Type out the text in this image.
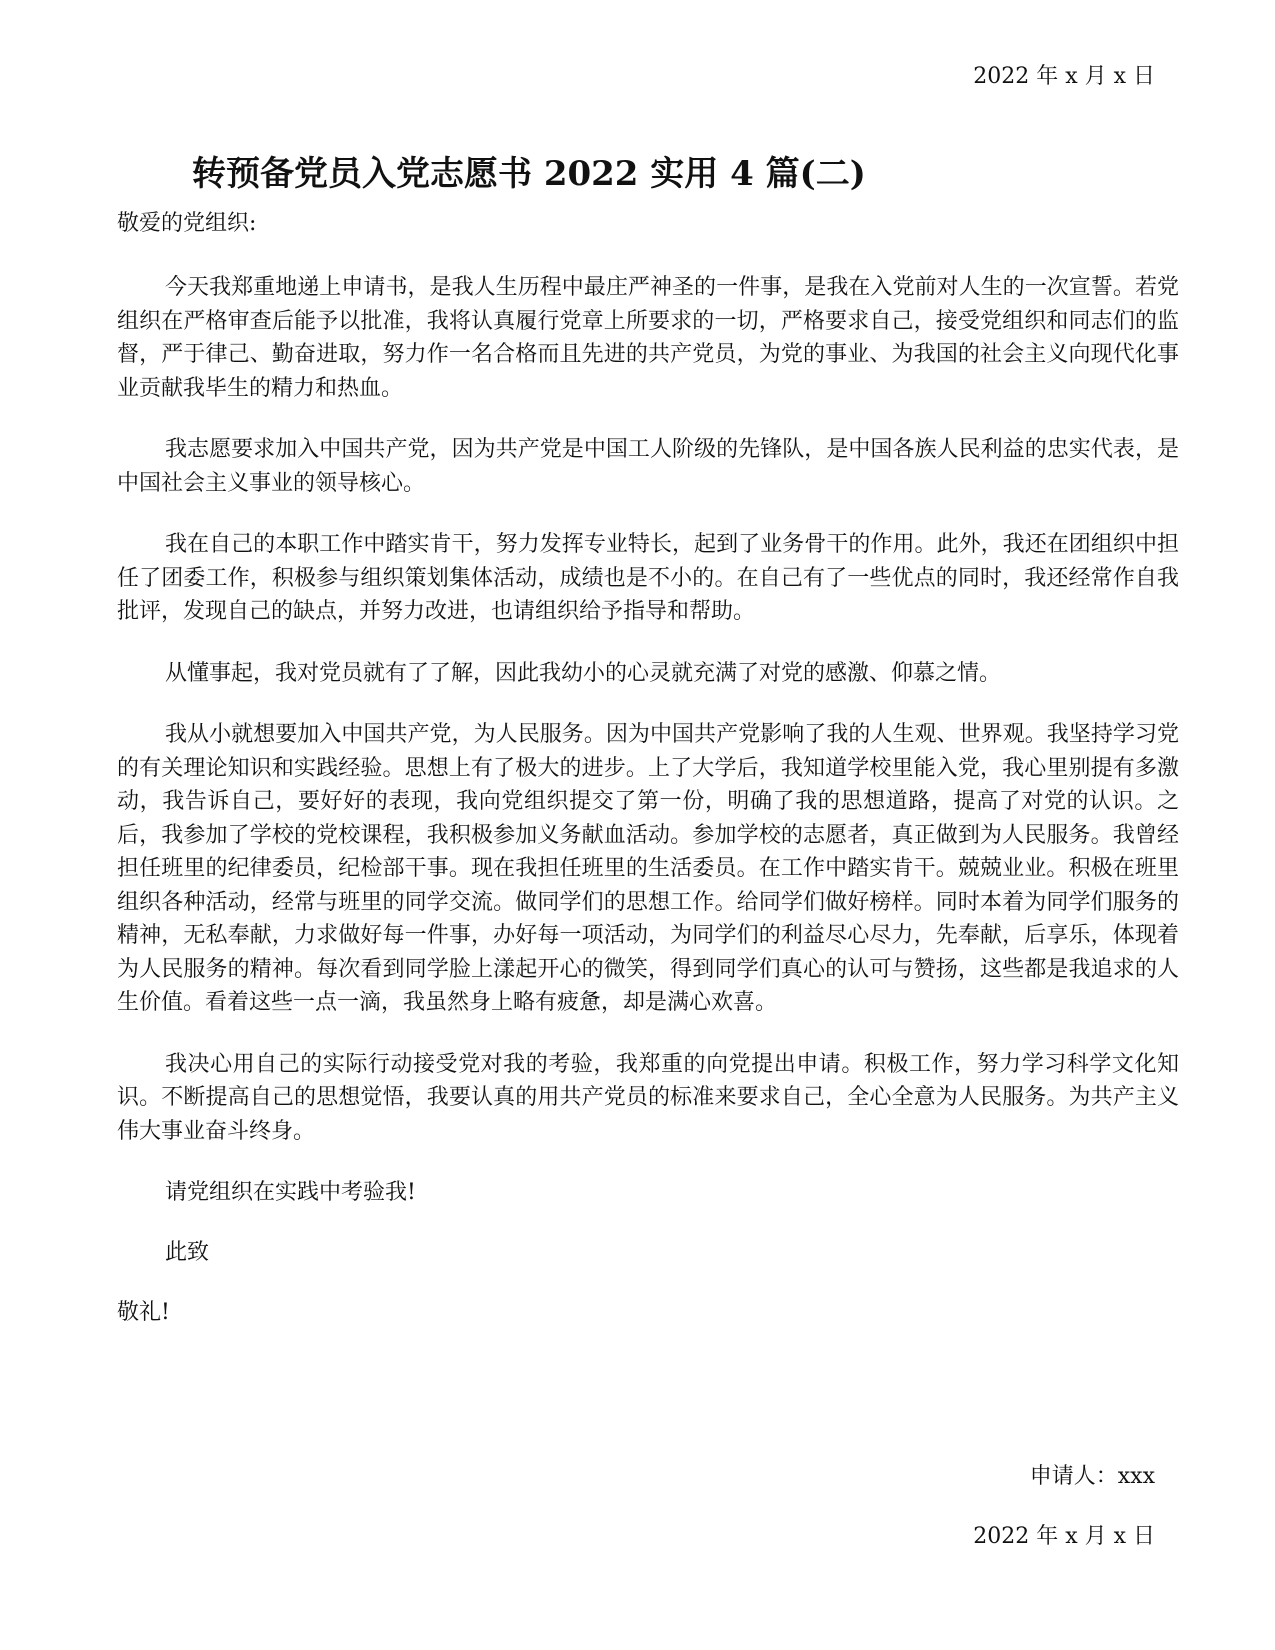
2022 年 x 月 x 日
转预备党员入党志愿书 2022 实用 4 篇(二)
敬爱的党组织:

今天我郑重地递上申请书，是我人生历程中最庄严神圣的一件事，是我在入党前对人生的一次宣誓。若党组织在严格审查后能予以批准，我将认真履行党章上所要求的一切，严格要求自己，接受党组织和同志们的监督，严于律己、勤奋进取，努力作一名合格而且先进的共产党员，为党的事业、为我国的社会主义向现代化事业贡献我毕生的精力和热血。

我志愿要求加入中国共产党，因为共产党是中国工人阶级的先锋队，是中国各族人民利益的忠实代表，是中国社会主义事业的领导核心。

我在自己的本职工作中踏实肯干，努力发挥专业特长，起到了业务骨干的作用。此外，我还在团组织中担任了团委工作，积极参与组织策划集体活动，成绩也是不小的。在自己有了一些优点的同时，我还经常作自我批评，发现自己的缺点，并努力改进，也请组织给予指导和帮助。

从懂事起，我对党员就有了了解，因此我幼小的心灵就充满了对党的感激、仰慕之情。

我从小就想要加入中国共产党，为人民服务。因为中国共产党影响了我的人生观、世界观。我坚持学习党的有关理论知识和实践经验。思想上有了极大的进步。上了大学后，我知道学校里能入党，我心里别提有多激动，我告诉自己，要好好的表现，我向党组织提交了第一份，明确了我的思想道路，提高了对党的认识。之后，我参加了学校的党校课程，我积极参加义务献血活动。参加学校的志愿者，真正做到为人民服务。我曾经担任班里的纪律委员，纪检部干事。现在我担任班里的生活委员。在工作中踏实肯干。兢兢业业。积极在班里组织各种活动，经常与班里的同学交流。做同学们的思想工作。给同学们做好榜样。同时本着为同学们服务的精神，无私奉献，力求做好每一件事，办好每一项活动，为同学们的利益尽心尽力，先奉献，后享乐，体现着为人民服务的精神。每次看到同学脸上漾起开心的微笑，得到同学们真心的认可与赞扬，这些都是我追求的人生价值。看着这些一点一滴，我虽然身上略有疲惫，却是满心欢喜。

我决心用自己的实际行动接受党对我的考验，我郑重的向党提出申请。积极工作，努力学习科学文化知识。不断提高自己的思想觉悟，我要认真的用共产党员的标准来要求自己，全心全意为人民服务。为共产主义伟大事业奋斗终身。

请党组织在实践中考验我!
此致
敬礼!
申请人：xxx
2022 年 x 月 x 日
